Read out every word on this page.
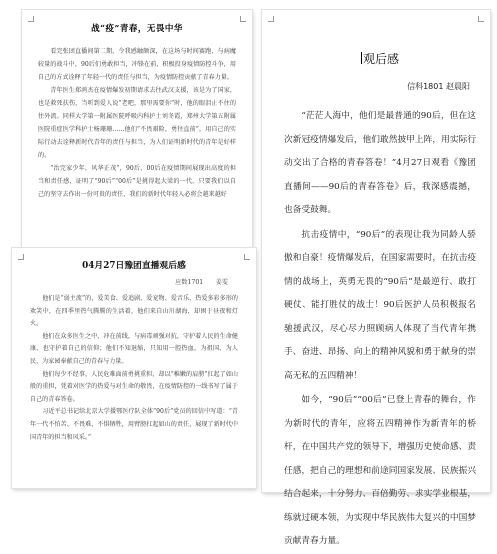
战“疫”青春，无畏中华

看完张团直播间第二期，令我感触颇深，在这场与时间赛跑、与病魔较量的战斗中，90后们勇敢担当，冲锋在前，积极投身疫情防控斗争，用自己的方式诠释了年轻一代的责任与担当，为疫情防控贡献了青春力量。

青年医生郑鸿杰在疫情爆发初期请求去往武汉支援，该是为了国家，也是救死扶伤，当听到爱人说“老吧，那里需要你”时，他的眼泪止不住的往外流。同样大学第一附属医院呼吸内科护士刘冬霞，郑州大学第五附属医院重症医学科护士杨珊珊……他们“不畏艰险，勇往直前”，用自己的实际行动去诠释新时代青年的责任与担当，为人们证明新时代的青年是好样的。

“治完家少年，风华正茂”，90后、00后在疫情期间展现出高度的担当和责任感，证明了“90后”“00后”是挑得起大梁的一代。只要我们以自己的坚守去作出一份可贵的责任，我们的新时代年轻人必将会越来越好

04月27日豫团直播观后感
应数1701　　姜雯

他们是“弱主流”的，爱美食、爱追剧、爱宠物、爱音乐，热爱多彩多形的欢笑中，在四季里热气腾腾的生活着，他们来自山川湖海，却困于昼夜和灯火。

他们在众多医生之中，冲在前线，与病毒顽强对抗，守护着人民的生命健康，也守护着自己的信仰；他们不知退缩，只知用一腔热血，为祖国、为人民、为家园奉献自己的青春与力量。

他们每少不经事，人民危难面前勇挑重担，却以“稚嫩的肩膀”扛起了如山般的重担，凭着对医学的热爱与对生命的敬畏，在疫情防控的一线书写了属于自己的青春答卷。

习近平总书记给北京大学援鄂医疗队全体“90后”党员的回信中写道：“青年一代不怕苦、不畏难、不惧牺牲，用臂膀扛起如山的责任，展现了新时代中国青年的担当和风采。”

观后感
信科1801 赵晨阳

“茫茫人海中，他们是最普通的90后，但在这次新冠疫情爆发后，他们敢然披甲上阵，用实际行动交出了合格的青春答卷！”4月27日观看《豫团直播间——90后的青春答卷》后，我深感震撼，也备受鼓舞。

抗击疫情中，“90后”的表现让我为同龄人骄傲和自豪！疫情爆发后，在国家需要时，在抗击疫情的战场上，英勇无畏的“90后”是最逆行、敢打硬仗、能打胜仗的战士！90后医护人员积极报名驰援武汉，尽心尽力照顾病人体现了当代青年携手、奋进、昂扬、向上的精神风貌和勇于献身的崇高无私的五四精神！

如今，“90后”“00后”已登上青春的舞台，作为新时代的青年，应将五四精神作为新青年的桥杆，在中国共产党的领导下，增强历史使命感、责任感，把自己的理想和前途同国家发展、民族振兴结合起来，十分努力、百倍勤劳、求实学业根基，练就过硬本领，为实现中华民族伟大复兴的中国梦贡献青春力量。
